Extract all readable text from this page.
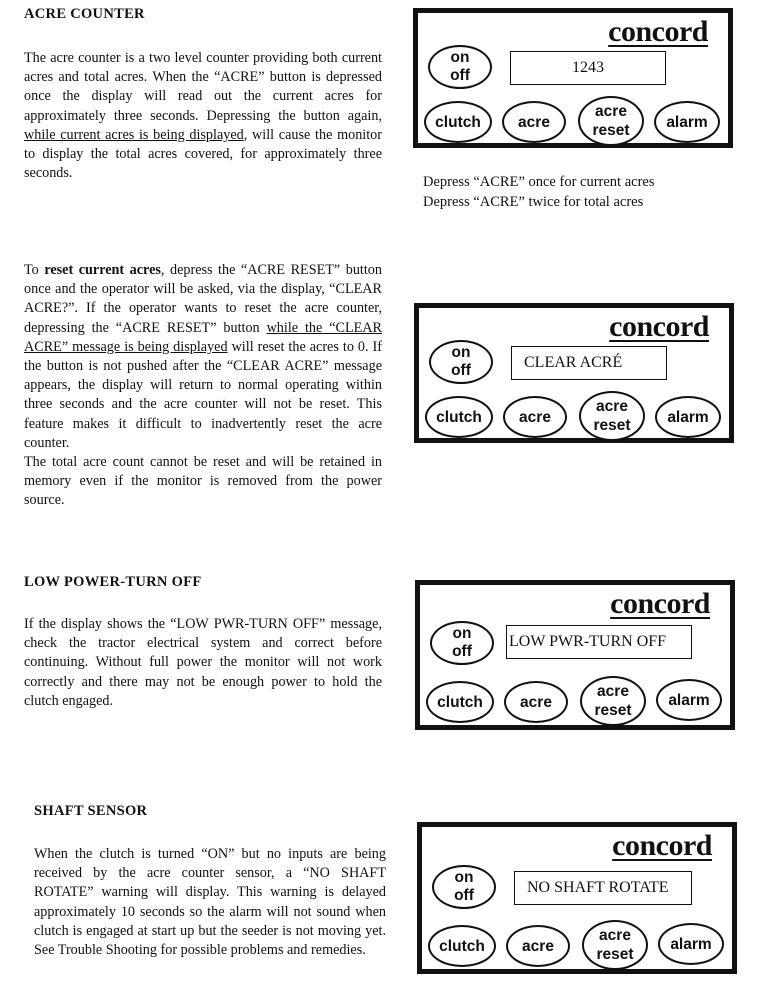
ACRE COUNTER

The acre counter is a two level counter providing both current acres and total acres. When the “ACRE” button is depressed once the display will read out the current acres for approximately three seconds. Depressing the button again, while current acres is being displayed, will cause the monitor to display the total acres covered, for approximately three seconds.

To reset current acres, depress the “ACRE RESET” button once and the operator will be asked, via the display, “CLEAR ACRE?”. If the operator wants to reset the acre counter, depressing the “ACRE RESET” button while the “CLEAR ACRE” message is being displayed will reset the acres to 0. If the button is not pushed after the “CLEAR ACRE” message appears, the display will return to normal operating within three seconds and the acre counter will not be reset. This feature makes it difficult to inadvertently reset the acre counter.
The total acre count cannot be reset and will be retained in memory even if the monitor is removed from the power source.

LOW POWER-TURN OFF

If the display shows the “LOW PWR-TURN OFF” message, check the tractor electrical system and correct before continuing. Without full power the monitor will not work correctly and there may not be enough power to hold the clutch engaged.

SHAFT SENSOR

When the clutch is turned “ON” but no inputs are being received by the acre counter sensor, a “NO SHAFT ROTATE” warning will display. This warning is delayed approximately 10 seconds so the alarm will not sound when clutch is engaged at start up but the seeder is not moving yet. See Trouble Shooting for possible problems and remedies.

concord
on
off	1243
clutch	acre
acre
reset	alarm

Depress “ACRE” once for current acres

Depress “ACRE” twice for total acres

concord
on
off	CLEAR ACRÉ
clutch	acre
acre
reset	alarm
concord
on
off
LOW PWR-TURN OFF
clutch	acre
acre
reset
alarm
concord
on
off	NO SHAFT ROTATE
clutch	acre
acre
reset
alarm
